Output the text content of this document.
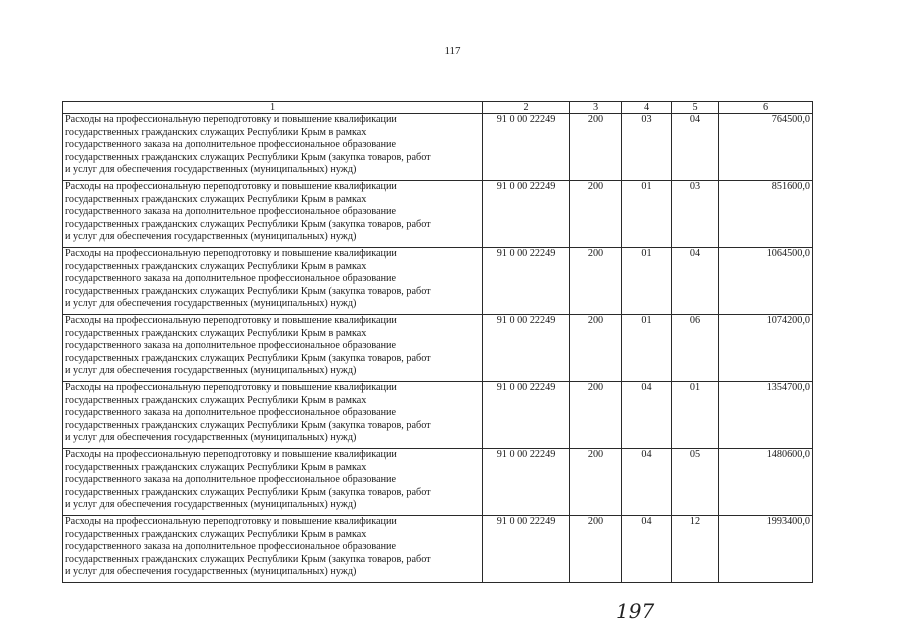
117
1	2	3	4	5	6

Расходы на профессиональную переподготовку и повышение квалификации
государственных гражданских служащих Республики Крым в рамках
государственного заказа на дополнительное профессиональное образование
государственных гражданских служащих Республики Крым (закупка товаров, работ
и услуг для обеспечения государственных (муниципальных) нужд)	91 0 00 22249	200	03	04	764500,0

Расходы на профессиональную переподготовку и повышение квалификации
государственных гражданских служащих Республики Крым в рамках
государственного заказа на дополнительное профессиональное образование
государственных гражданских служащих Республики Крым (закупка товаров, работ
и услуг для обеспечения государственных (муниципальных) нужд)	91 0 00 22249	200	01	03	851600,0

Расходы на профессиональную переподготовку и повышение квалификации
государственных гражданских служащих Республики Крым в рамках
государственного заказа на дополнительное профессиональное образование
государственных гражданских служащих Республики Крым (закупка товаров, работ
и услуг для обеспечения государственных (муниципальных) нужд)	91 0 00 22249	200	01	04	1064500,0

Расходы на профессиональную переподготовку и повышение квалификации
государственных гражданских служащих Республики Крым в рамках
государственного заказа на дополнительное профессиональное образование
государственных гражданских служащих Республики Крым (закупка товаров, работ
и услуг для обеспечения государственных (муниципальных) нужд)	91 0 00 22249	200	01	06	1074200,0

Расходы на профессиональную переподготовку и повышение квалификации
государственных гражданских служащих Республики Крым в рамках
государственного заказа на дополнительное профессиональное образование
государственных гражданских служащих Республики Крым (закупка товаров, работ
и услуг для обеспечения государственных (муниципальных) нужд)	91 0 00 22249	200	04	01	1354700,0

Расходы на профессиональную переподготовку и повышение квалификации
государственных гражданских служащих Республики Крым в рамках
государственного заказа на дополнительное профессиональное образование
государственных гражданских служащих Республики Крым (закупка товаров, работ
и услуг для обеспечения государственных (муниципальных) нужд)	91 0 00 22249	200	04	05	1480600,0

Расходы на профессиональную переподготовку и повышение квалификации
государственных гражданских служащих Республики Крым в рамках
государственного заказа на дополнительное профессиональное образование
государственных гражданских служащих Республики Крым (закупка товаров, работ
и услуг для обеспечения государственных (муниципальных) нужд)	91 0 00 22249	200	04	12	1993400,0
197
